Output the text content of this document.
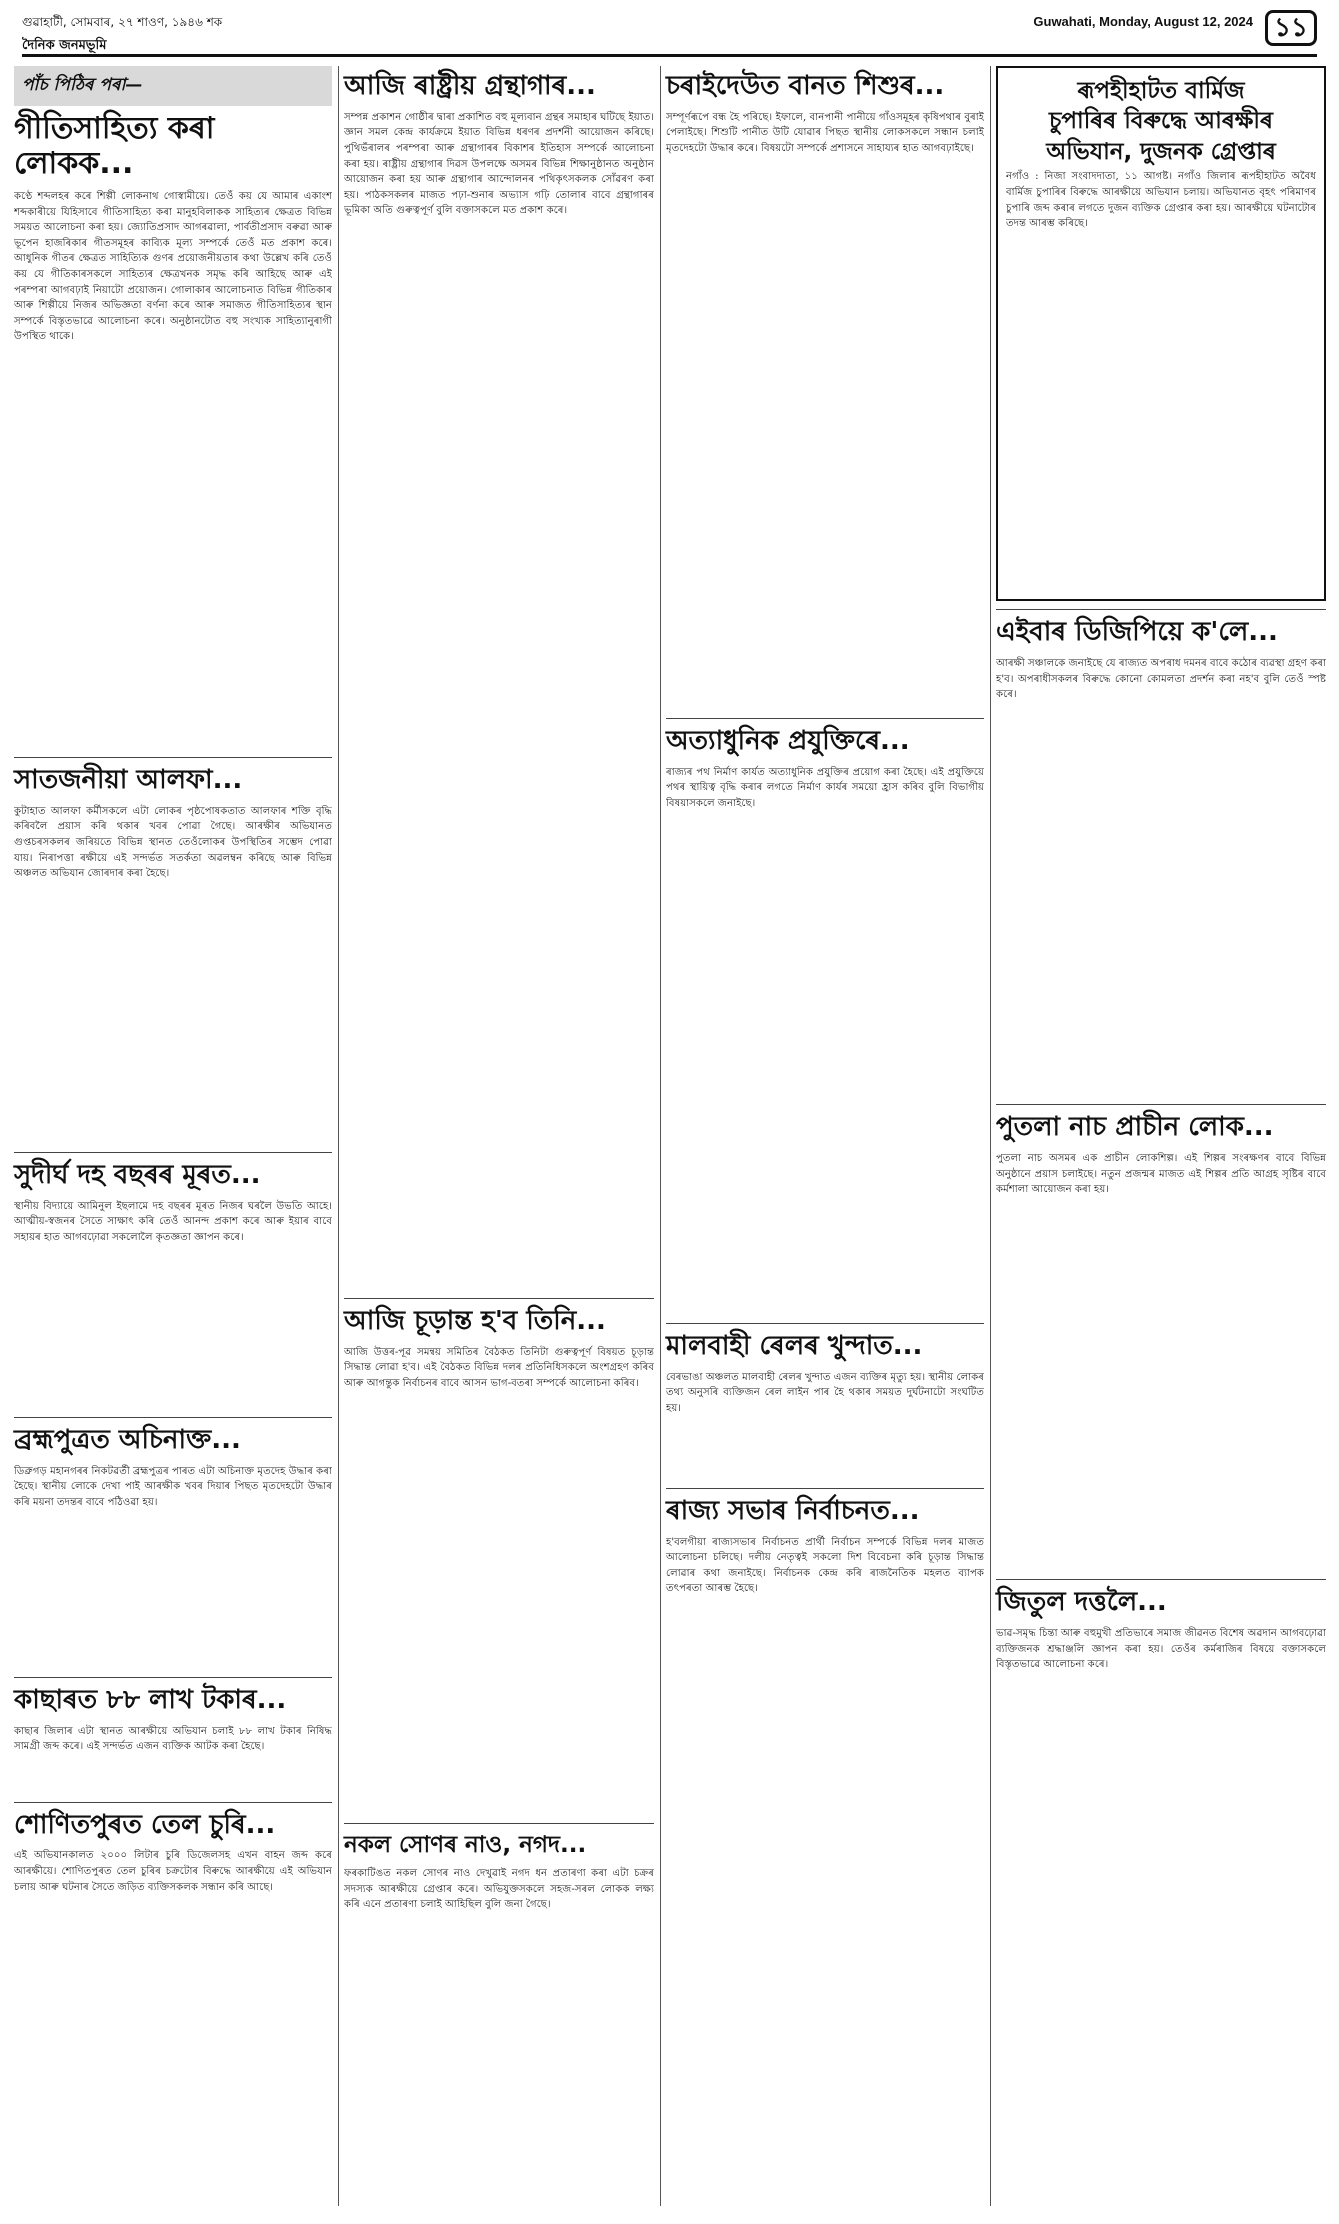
গুৱাহাটী, সোমবাৰ, ২৭ শাওণ, ১৯৪৬ শক	Guwahati, Monday, August 12, 2024 ১১
দৈনিক জনমভূমি
পাঁচ পিঠিৰ পৰা—
গীতিসাহিত্য কৰা লোকক...
কণ্ঠে শব্দলহৰ কৰে শিল্পী লোকনাথ গোস্বামীয়ে। তেওঁ কয় যে আমাৰ একাংশ শব্দকাৰীয়ে যিহিসাবে গীতিসাহিত্য কৰা মানুহবিলাকক সাহিত্যৰ ক্ষেত্ৰত বিভিন্ন সময়ত আলোচনা কৰা হয়। জ্যোতিপ্ৰসাদ আগৰৱালা, পাৰ্বতীপ্ৰসাদ বৰুৱা আৰু ভূপেন হাজৰিকাৰ গীতসমূহৰ কাব্যিক মূল্য সম্পৰ্কে তেওঁ মত প্ৰকাশ কৰে। আধুনিক গীতৰ ক্ষেত্ৰত সাহিত্যিক গুণৰ প্ৰয়োজনীয়তাৰ কথা উল্লেখ কৰি তেওঁ কয় যে গীতিকাৰসকলে সাহিত্যৰ ক্ষেত্ৰখনক সমৃদ্ধ কৰি আহিছে আৰু এই পৰম্পৰা আগবঢ়াই নিয়াটো প্ৰয়োজন। গোলাকাৰ আলোচনাত বিভিন্ন গীতিকাৰ আৰু শিল্পীয়ে নিজৰ অভিজ্ঞতা বৰ্ণনা কৰে আৰু সমাজত গীতিসাহিত্যৰ স্থান সম্পৰ্কে বিস্তৃতভাৱে আলোচনা কৰে। অনুষ্ঠানটোত বহু সংখ্যক সাহিত্যানুৰাগী উপস্থিত থাকে।
সাতজনীয়া আলফা...
কুটাহাত আলফা কৰ্মীসকলে এটা লোকৰ পৃষ্ঠপোষকতাত আলফাৰ শক্তি বৃদ্ধি কৰিবলৈ প্ৰয়াস কৰি থকাৰ খবৰ পোৱা গৈছে। আৰক্ষীৰ অভিযানত গুপ্তচৰসকলৰ জৰিয়তে বিভিন্ন স্থানত তেওঁলোকৰ উপস্থিতিৰ সম্ভেদ পোৱা যায়। নিৰাপত্তা ৰক্ষীয়ে এই সন্দৰ্ভত সতৰ্কতা অৱলম্বন কৰিছে আৰু বিভিন্ন অঞ্চলত অভিযান জোৰদাৰ কৰা হৈছে।
সুদীৰ্ঘ দহ বছৰৰ মূৰত...
স্থানীয় বিদ্যায়ে আমিনুল ইছলামে দহ বছৰৰ মূৰত নিজৰ ঘৰলৈ উভতি আহে। আত্মীয়-স্বজনৰ সৈতে সাক্ষাৎ কৰি তেওঁ আনন্দ প্ৰকাশ কৰে আৰু ইয়াৰ বাবে সহায়ৰ হাত আগবঢ়োৱা সকলোলৈ কৃতজ্ঞতা জ্ঞাপন কৰে।
ব্ৰহ্মপুত্ৰত অচিনাক্ত...
ডিব্ৰুগড় মহানগৰৰ নিকটৱৰ্তী ব্ৰহ্মপুত্ৰৰ পাৰত এটা অচিনাক্ত মৃতদেহ উদ্ধাৰ কৰা হৈছে। স্থানীয় লোকে দেখা পাই আৰক্ষীক খবৰ দিয়াৰ পিছত মৃতদেহটো উদ্ধাৰ কৰি ময়না তদন্তৰ বাবে পঠিওৱা হয়।
কাছাৰত ৮৮ লাখ টকাৰ...
কাছাৰ জিলাৰ এটা স্থানত আৰক্ষীয়ে অভিযান চলাই ৮৮ লাখ টকাৰ নিষিদ্ধ সামগ্ৰী জব্দ কৰে। এই সন্দৰ্ভত এজন ব্যক্তিক আটক কৰা হৈছে।
শোণিতপুৰত তেল চুৰি...
এই অভিযানকালত ২০০০ লিটাৰ চুৰি ডিজেলসহ এখন বাহন জব্দ কৰে আৰক্ষীয়ে। শোণিতপুৰত তেল চুৰিৰ চক্ৰটোৰ বিৰুদ্ধে আৰক্ষীয়ে এই অভিযান চলায় আৰু ঘটনাৰ সৈতে জড়িত ব্যক্তিসকলক সন্ধান কৰি আছে।
আজি ৰাষ্ট্ৰীয় গ্ৰন্থাগাৰ...
সম্পন্ন প্ৰকাশন গোষ্ঠীৰ দ্বাৰা প্ৰকাশিত বহু মূল্যবান গ্ৰন্থৰ সমাহাৰ ঘটিছে ইয়াত। জ্ঞান সমল কেন্দ্ৰ কাৰ্যক্ৰমে ইয়াত বিভিন্ন ধৰণৰ প্ৰদৰ্শনী আয়োজন কৰিছে। পুথিভঁৰালৰ পৰম্পৰা আৰু গ্ৰন্থাগাৰৰ বিকাশৰ ইতিহাস সম্পৰ্কে আলোচনা কৰা হয়। ৰাষ্ট্ৰীয় গ্ৰন্থাগাৰ দিৱস উপলক্ষে অসমৰ বিভিন্ন শিক্ষানুষ্ঠানত অনুষ্ঠান আয়োজন কৰা হয় আৰু গ্ৰন্থাগাৰ আন্দোলনৰ পথিকৃৎসকলক সোঁৱৰণ কৰা হয়। পাঠকসকলৰ মাজত পঢ়া-শুনাৰ অভ্যাস গঢ়ি তোলাৰ বাবে গ্ৰন্থাগাৰৰ ভূমিকা অতি গুৰুত্বপূৰ্ণ বুলি বক্তাসকলে মত প্ৰকাশ কৰে।
আজি চূড়ান্ত হ'ব তিনি...
আজি উত্তৰ-পূৱ সমন্বয় সমিতিৰ বৈঠকত তিনিটা গুৰুত্বপূৰ্ণ বিষয়ত চূড়ান্ত সিদ্ধান্ত লোৱা হ'ব। এই বৈঠকত বিভিন্ন দলৰ প্ৰতিনিধিসকলে অংশগ্ৰহণ কৰিব আৰু আগন্তুক নিৰ্বাচনৰ বাবে আসন ভাগ-বতৰা সম্পৰ্কে আলোচনা কৰিব।
নকল সোণৰ নাও, নগদ...
ফৰকাটিঙত নকল সোণৰ নাও দেখুৱাই নগদ ধন প্ৰতাৰণা কৰা এটা চক্ৰৰ সদস্যক আৰক্ষীয়ে গ্ৰেপ্তাৰ কৰে। অভিযুক্তসকলে সহজ-সৰল লোকক লক্ষ্য কৰি এনে প্ৰতাৰণা চলাই আহিছিল বুলি জনা গৈছে।
চৰাইদেউত বানত শিশুৰ...
সম্পূৰ্ণৰূপে বন্ধ হৈ পৰিছে। ইফালে, বানপানী পানীয়ে গাঁওসমূহৰ কৃষিপথাৰ বুৰাই পেলাইছে। শিশুটি পানীত উটি যোৱাৰ পিছত স্থানীয় লোকসকলে সন্ধান চলাই মৃতদেহটো উদ্ধাৰ কৰে। বিষয়টো সম্পৰ্কে প্ৰশাসনে সাহায্যৰ হাত আগবঢ়াইছে।
অত্যাধুনিক প্ৰযুক্তিৰে...
ৰাজ্যৰ পথ নিৰ্মাণ কাৰ্যত অত্যাধুনিক প্ৰযুক্তিৰ প্ৰয়োগ কৰা হৈছে। এই প্ৰযুক্তিয়ে পথৰ স্থায়িত্ব বৃদ্ধি কৰাৰ লগতে নিৰ্মাণ কাৰ্যৰ সময়ো হ্ৰাস কৰিব বুলি বিভাগীয় বিষয়াসকলে জনাইছে।
মালবাহী ৰেলৰ খুন্দাত...
বেৰভাঙা অঞ্চলত মালবাহী ৰেলৰ খুন্দাত এজন ব্যক্তিৰ মৃত্যু হয়। স্থানীয় লোকৰ তথ্য অনুসৰি ব্যক্তিজন ৰেল লাইন পাৰ হৈ থকাৰ সময়ত দুৰ্ঘটনাটো সংঘটিত হয়।
ৰাজ্য সভাৰ নিৰ্বাচনত...
হ'বলগীয়া ৰাজ্যসভাৰ নিৰ্বাচনত প্ৰাৰ্থী নিৰ্বাচন সম্পৰ্কে বিভিন্ন দলৰ মাজত আলোচনা চলিছে। দলীয় নেতৃত্বই সকলো দিশ বিবেচনা কৰি চূড়ান্ত সিদ্ধান্ত লোৱাৰ কথা জনাইছে। নিৰ্বাচনক কেন্দ্ৰ কৰি ৰাজনৈতিক মহলত ব্যাপক তৎপৰতা আৰম্ভ হৈছে।
ৰূপহীহাটত বাৰ্মিজ
চুপাৰিৰ বিৰুদ্ধে আৰক্ষীৰ
অভিযান, দুজনক গ্ৰেপ্তাৰ
নগাঁও : নিজা সংবাদদাতা, ১১ আগষ্ট। নগাঁও জিলাৰ ৰূপহীহাটত অবৈধ বাৰ্মিজ চুপাৰিৰ বিৰুদ্ধে আৰক্ষীয়ে অভিযান চলায়। অভিযানত বৃহৎ পৰিমাণৰ চুপাৰি জব্দ কৰাৰ লগতে দুজন ব্যক্তিক গ্ৰেপ্তাৰ কৰা হয়। আৰক্ষীয়ে ঘটনাটোৰ তদন্ত আৰম্ভ কৰিছে।
এইবাৰ ডিজিপিয়ে ক'লে...
আৰক্ষী সঞ্চালকে জনাইছে যে ৰাজ্যত অপৰাধ দমনৰ বাবে কঠোৰ ব্যৱস্থা গ্ৰহণ কৰা হ'ব। অপৰাধীসকলৰ বিৰুদ্ধে কোনো কোমলতা প্ৰদৰ্শন কৰা নহ'ব বুলি তেওঁ স্পষ্ট কৰে।
পুতলা নাচ প্ৰাচীন লোক...
পুতলা নাচ অসমৰ এক প্ৰাচীন লোকশিল্প। এই শিল্পৰ সংৰক্ষণৰ বাবে বিভিন্ন অনুষ্ঠানে প্ৰয়াস চলাইছে। নতুন প্ৰজন্মৰ মাজত এই শিল্পৰ প্ৰতি আগ্ৰহ সৃষ্টিৰ বাবে কৰ্মশালা আয়োজন কৰা হয়।
জিতুল দত্তলৈ...
ভাৱ-সমৃদ্ধ চিন্তা আৰু বহুমুখী প্ৰতিভাৰে সমাজ জীৱনত বিশেষ অৱদান আগবঢ়োৱা ব্যক্তিজনক শ্ৰদ্ধাঞ্জলি জ্ঞাপন কৰা হয়। তেওঁৰ কৰ্মৰাজিৰ বিষয়ে বক্তাসকলে বিস্তৃতভাৱে আলোচনা কৰে।
